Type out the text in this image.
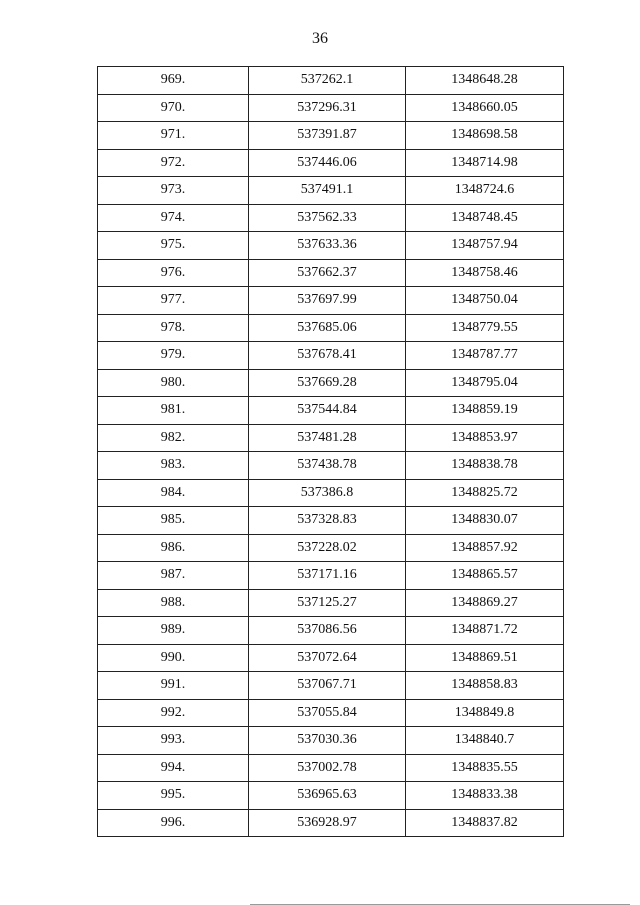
36
969.	537262.1	1348648.28
970.	537296.31	1348660.05
971.	537391.87	1348698.58
972.	537446.06	1348714.98
973.	537491.1	1348724.6
974.	537562.33	1348748.45
975.	537633.36	1348757.94
976.	537662.37	1348758.46
977.	537697.99	1348750.04
978.	537685.06	1348779.55
979.	537678.41	1348787.77
980.	537669.28	1348795.04
981.	537544.84	1348859.19
982.	537481.28	1348853.97
983.	537438.78	1348838.78
984.	537386.8	1348825.72
985.	537328.83	1348830.07
986.	537228.02	1348857.92
987.	537171.16	1348865.57
988.	537125.27	1348869.27
989.	537086.56	1348871.72
990.	537072.64	1348869.51
991.	537067.71	1348858.83
992.	537055.84	1348849.8
993.	537030.36	1348840.7
994.	537002.78	1348835.55
995.	536965.63	1348833.38
996.	536928.97	1348837.82
